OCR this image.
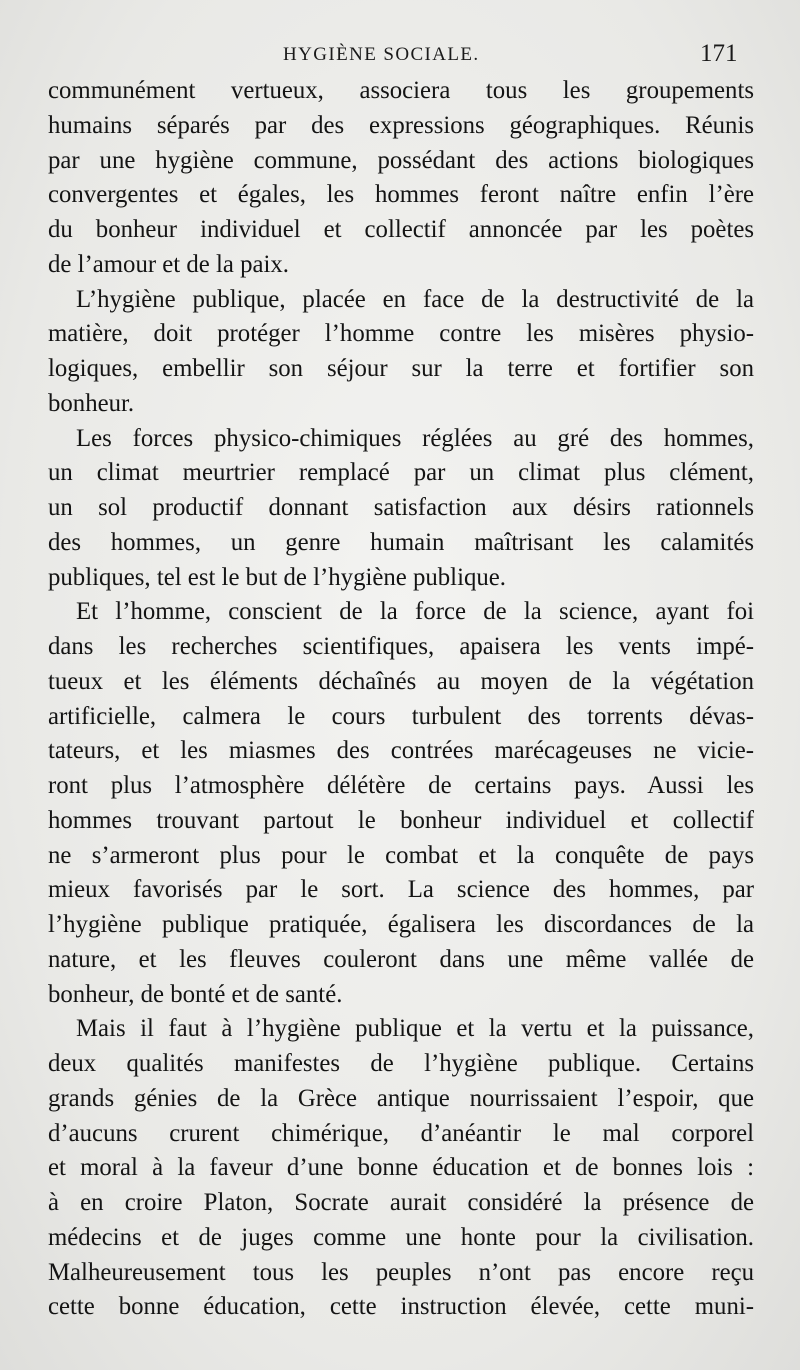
HYGIÈNE SOCIALE.	171
communément vertueux, associera tous les groupements
humains séparés par des expressions géographiques. Réunis
par une hygiène commune, possédant des actions biologiques
convergentes et égales, les hommes feront naître enfin l’ère
du bonheur individuel et collectif annoncée par les poètes
de l’amour et de la paix.
L’hygiène publique, placée en face de la destructivité de la
matière, doit protéger l’homme contre les misères physio-
logiques, embellir son séjour sur la terre et fortifier son
bonheur.
Les forces physico-chimiques réglées au gré des hommes,
un climat meurtrier remplacé par un climat plus clément,
un sol productif donnant satisfaction aux désirs rationnels
des hommes, un genre humain maîtrisant les calamités
publiques, tel est le but de l’hygiène publique.
Et l’homme, conscient de la force de la science, ayant foi
dans les recherches scientifiques, apaisera les vents impé-
tueux et les éléments déchaînés au moyen de la végétation
artificielle, calmera le cours turbulent des torrents dévas-
tateurs, et les miasmes des contrées marécageuses ne vicie-
ront plus l’atmosphère délétère de certains pays. Aussi les
hommes trouvant partout le bonheur individuel et collectif
ne s’armeront plus pour le combat et la conquête de pays
mieux favorisés par le sort. La science des hommes, par
l’hygiène publique pratiquée, égalisera les discordances de la
nature, et les fleuves couleront dans une même vallée de
bonheur, de bonté et de santé.
Mais il faut à l’hygiène publique et la vertu et la puissance,
deux qualités manifestes de l’hygiène publique. Certains
grands génies de la Grèce antique nourrissaient l’espoir, que
d’aucuns crurent chimérique, d’anéantir le mal corporel
et moral à la faveur d’une bonne éducation et de bonnes lois :
à en croire Platon, Socrate aurait considéré la présence de
médecins et de juges comme une honte pour la civilisation.
Malheureusement tous les peuples n’ont pas encore reçu
cette bonne éducation, cette instruction élevée, cette muni-
